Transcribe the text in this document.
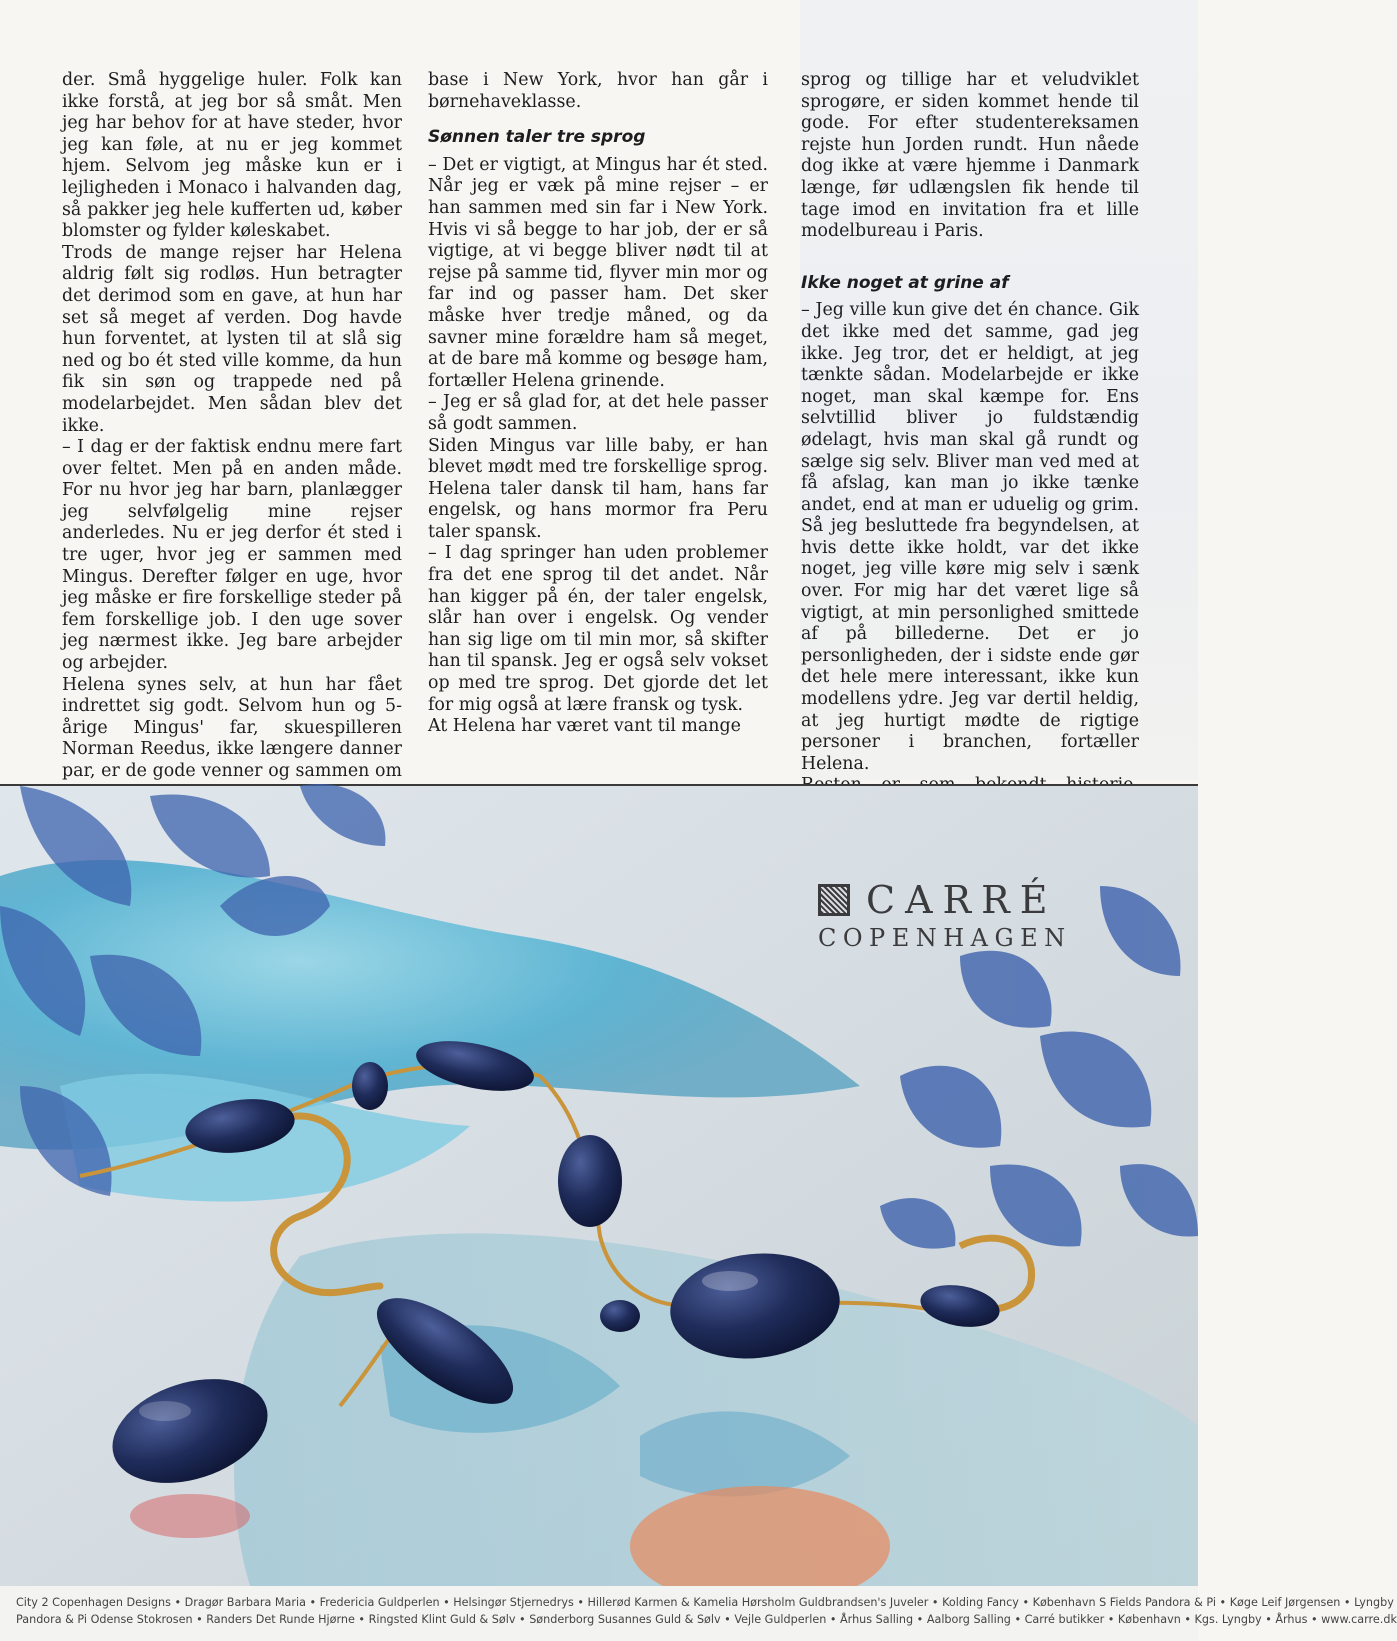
der. Små hyggelige huler. Folk kan ikke forstå, at jeg bor så småt. Men jeg har behov for at have steder, hvor jeg kan føle, at nu er jeg kommet hjem. Selvom jeg måske kun er i lejligheden i Monaco i halvanden dag, så pakker jeg hele kufferten ud, køber blomster og fylder køleskabet.

Trods de mange rejser har Helena aldrig følt sig rodløs. Hun betragter det derimod som en gave, at hun har set så meget af verden. Dog havde hun forventet, at lysten til at slå sig ned og bo ét sted ville komme, da hun fik sin søn og trappede ned på modelarbejdet. Men sådan blev det ikke.

– I dag er der faktisk endnu mere fart over feltet. Men på en anden måde. For nu hvor jeg har barn, planlægger jeg selvfølgelig mine rejser anderledes. Nu er jeg derfor ét sted i tre uger, hvor jeg er sammen med Mingus. Derefter følger en uge, hvor jeg måske er fire forskellige steder på fem forskellige job. I den uge sover jeg nærmest ikke. Jeg bare arbejder og arbejder.

Helena synes selv, at hun har fået indrettet sig godt. Selvom hun og 5-årige Mingus' far, skuespilleren Norman Reedus, ikke længere danner par, er de gode venner og sammen om

base i New York, hvor han går i børnehaveklasse.

Sønnen taler tre sprog

– Det er vigtigt, at Mingus har ét sted. Når jeg er væk på mine rejser – er han sammen med sin far i New York. Hvis vi så begge to har job, der er så vigtige, at vi begge bliver nødt til at rejse på samme tid, flyver min mor og far ind og passer ham. Det sker måske hver tredje måned, og da savner mine forældre ham så meget, at de bare må komme og besøge ham, fortæller Helena grinende.

– Jeg er så glad for, at det hele passer så godt sammen.

Siden Mingus var lille baby, er han blevet mødt med tre forskellige sprog. Helena taler dansk til ham, hans far engelsk, og hans mormor fra Peru taler spansk.

– I dag springer han uden problemer fra det ene sprog til det andet. Når han kigger på én, der taler engelsk, slår han over i engelsk. Og vender han sig lige om til min mor, så skifter han til spansk. Jeg er også selv vokset op med tre sprog. Det gjorde det let for mig også at lære fransk og tysk.

At Helena har været vant til mange

sprog og tillige har et veludviklet sprogøre, er siden kommet hende til gode. For efter studentereksamen rejste hun Jorden rundt. Hun nåede dog ikke at være hjemme i Danmark længe, før udlængslen fik hende til tage imod en invitation fra et lille modelbureau i Paris.

Ikke noget at grine af

– Jeg ville kun give det én chance. Gik det ikke med det samme, gad jeg ikke. Jeg tror, det er heldigt, at jeg tænkte sådan. Modelarbejde er ikke noget, man skal kæmpe for. Ens selvtillid bliver jo fuldstændig ødelagt, hvis man skal gå rundt og sælge sig selv. Bliver man ved med at få afslag, kan man jo ikke tænke andet, end at man er uduelig og grim. Så jeg besluttede fra begyndelsen, at hvis dette ikke holdt, var det ikke noget, jeg ville køre mig selv i sænk over. For mig har det været lige så vigtigt, at min personlighed smittede af på billederne. Det er jo personligheden, der i sidste ende gør det hele mere interessant, ikke kun modellens ydre. Jeg var dertil heldig, at jeg hurtigt mødte de rigtige personer i branchen, fortæller Helena.

CARRÉ
COPENHAGEN
City 2 Copenhagen Designs • Dragør Barbara Maria • Fredericia Guldperlen • Helsingør Stjernedrys • Hillerød Karmen & Kamelia Hørsholm Guldbrandsen's Juveler • Kolding Fancy • København S Fields Pandora & Pi • Køge Leif Jørgensen • Lyngby
Pandora & Pi Odense Stokrosen • Randers Det Runde Hjørne • Ringsted Klint Guld & Sølv • Sønderborg Susannes Guld & Sølv • Vejle Guldperlen • Århus Salling • Aalborg Salling • Carré butikker • København • Kgs. Lyngby • Århus • www.carre.dk
